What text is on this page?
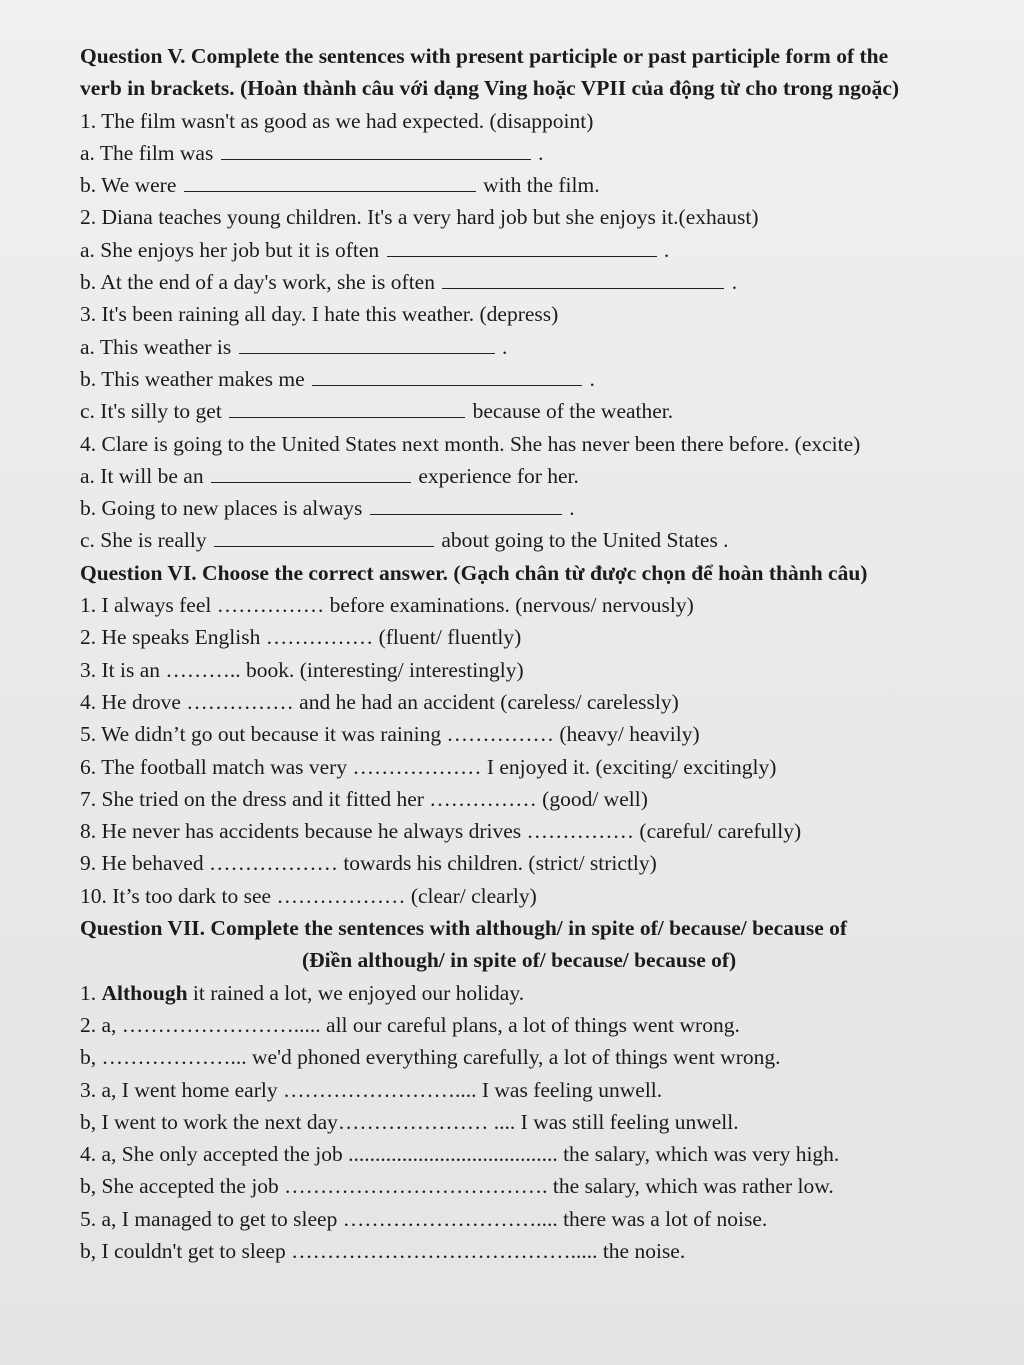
Question V. Complete the sentences with present participle or past participle form of the
verb in brackets. (Hoàn thành câu với dạng Ving hoặc VPII của động từ cho trong ngoặc)
1. The film wasn't as good as we had expected. (disappoint)
a. The film was	.
b. We were	with the film.
2. Diana teaches young children. It's a very hard job but she enjoys it.(exhaust)
a. She enjoys her job but it is often	.
b. At the end of a day's work, she is often	.
3. It's been raining all day. I hate this weather. (depress)
a. This weather is	.
b. This weather makes me	.
c. It's silly to get	because of the weather.
4. Clare is going to the United States next month. She has never been there before. (excite)
a. It will be an	experience for her.
b. Going to new places is always	.
c. She is really	about going to the United States .
Question VI. Choose the correct answer. (Gạch chân từ được chọn để hoàn thành câu)
1. I always feel …………… before examinations. (nervous/ nervously)
2. He speaks English …………… (fluent/ fluently)
3. It is an ……….. book. (interesting/ interestingly)
4. He drove …………… and he had an accident (careless/ carelessly)
5. We didn’t go out because it was raining …………… (heavy/ heavily)
6. The football match was very ……………… I enjoyed it. (exciting/ excitingly)
7. She tried on the dress and it fitted her …………… (good/ well)
8. He never has accidents because he always drives …………… (careful/ carefully)
9. He behaved ……………… towards his children. (strict/ strictly)
10. It’s too dark to see ……………… (clear/ clearly)
Question VII. Complete the sentences with although/ in spite of/ because/ because of
(Điền although/ in spite of/ because/ because of)
1. Although it rained a lot, we enjoyed our holiday.
2. a, ……………………..... all our careful plans, a lot of things went wrong.
b, ………………... we'd phoned everything carefully, a lot of things went wrong.
3. a, I went home early …………………….... I was feeling unwell.
b, I went to work the next day………………… .... I was still feeling unwell.
4. a, She only accepted the job ....................................... the salary, which was very high.
b, She accepted the job ………………………………. the salary, which was rather low.
5. a, I managed to get to sleep ……………………….... there was a lot of noise.
b, I couldn't get to sleep …………………………………..... the noise.
